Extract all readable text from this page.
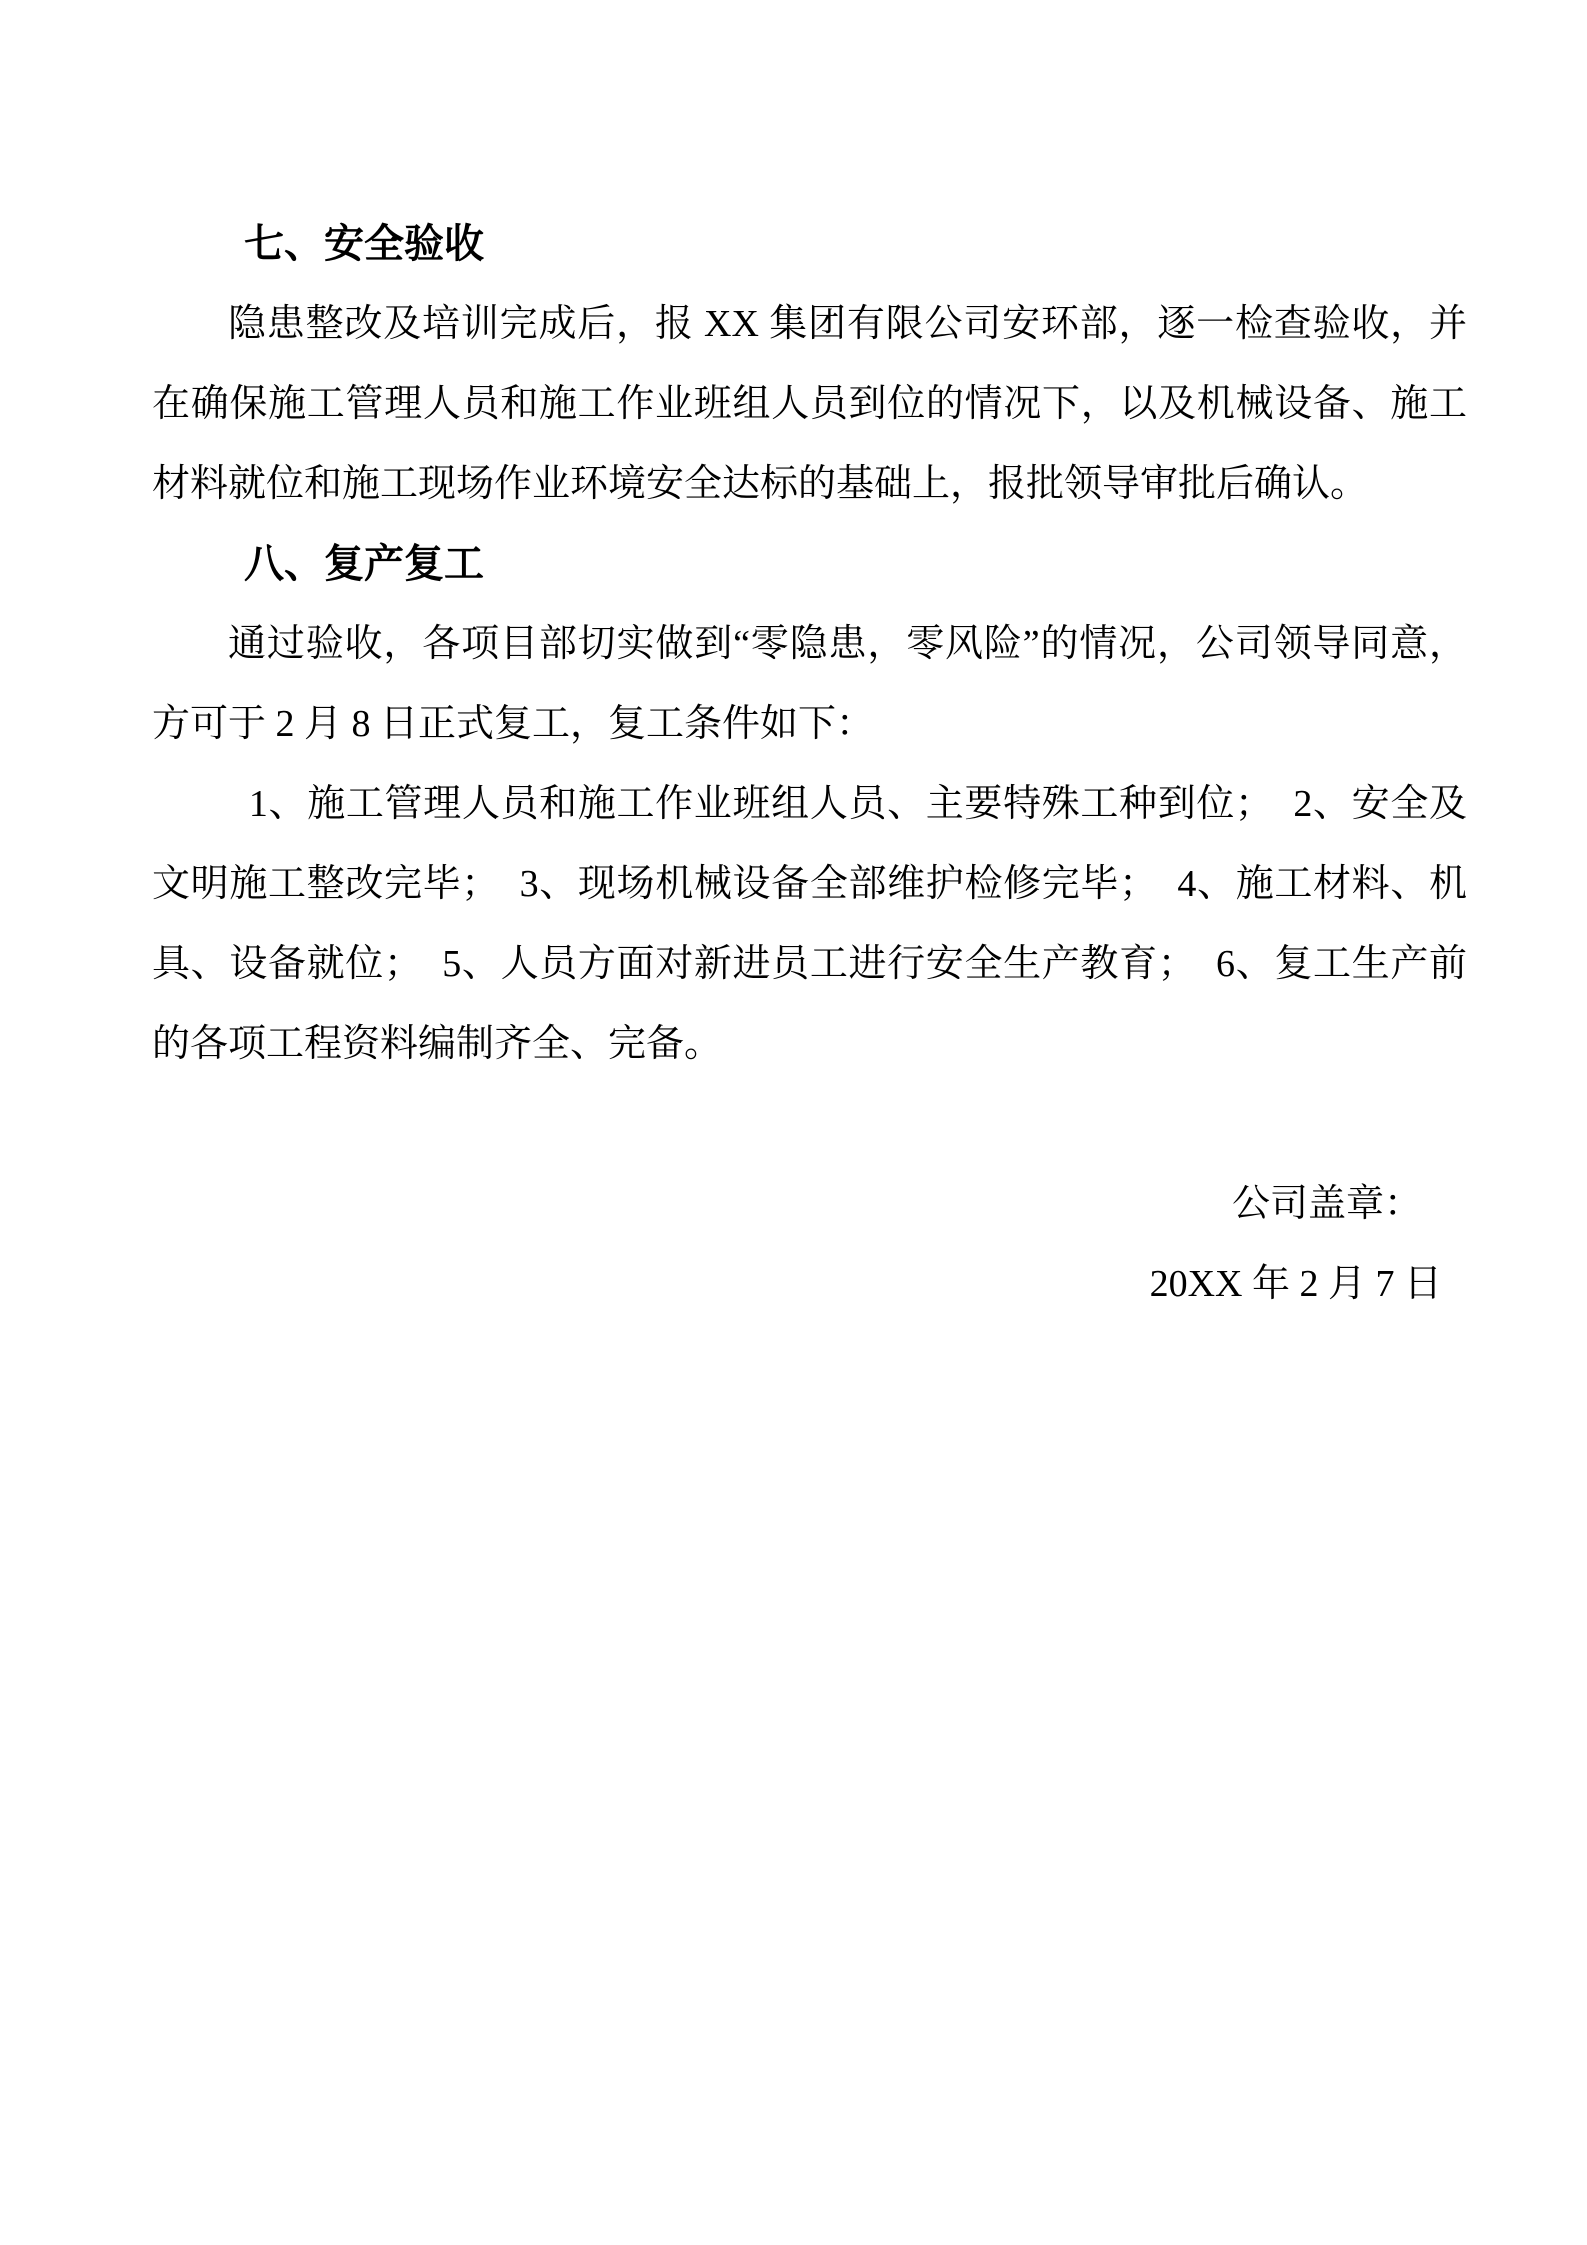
七、安全验收

隐患整改及培训完成后，报 XX 集团有限公司安环部，逐一检查验收，并在确保施工管理人员和施工作业班组人员到位的情况下，以及机械设备、施工材料就位和施工现场作业环境安全达标的基础上，报批领导审批后确认。

八、复产复工

通过验收，各项目部切实做到“零隐患，零风险”的情况，公司领导同意，方可于 2 月 8 日正式复工，复工条件如下：

1、施工管理人员和施工作业班组人员、主要特殊工种到位；　2、安全及文明施工整改完毕；　3、现场机械设备全部维护检修完毕；　4、施工材料、机具、设备就位；　5、人员方面对新进员工进行安全生产教育；　6、复工生产前的各项工程资料编制齐全、完备。

公司盖章：

20XX 年 2 月 7 日
